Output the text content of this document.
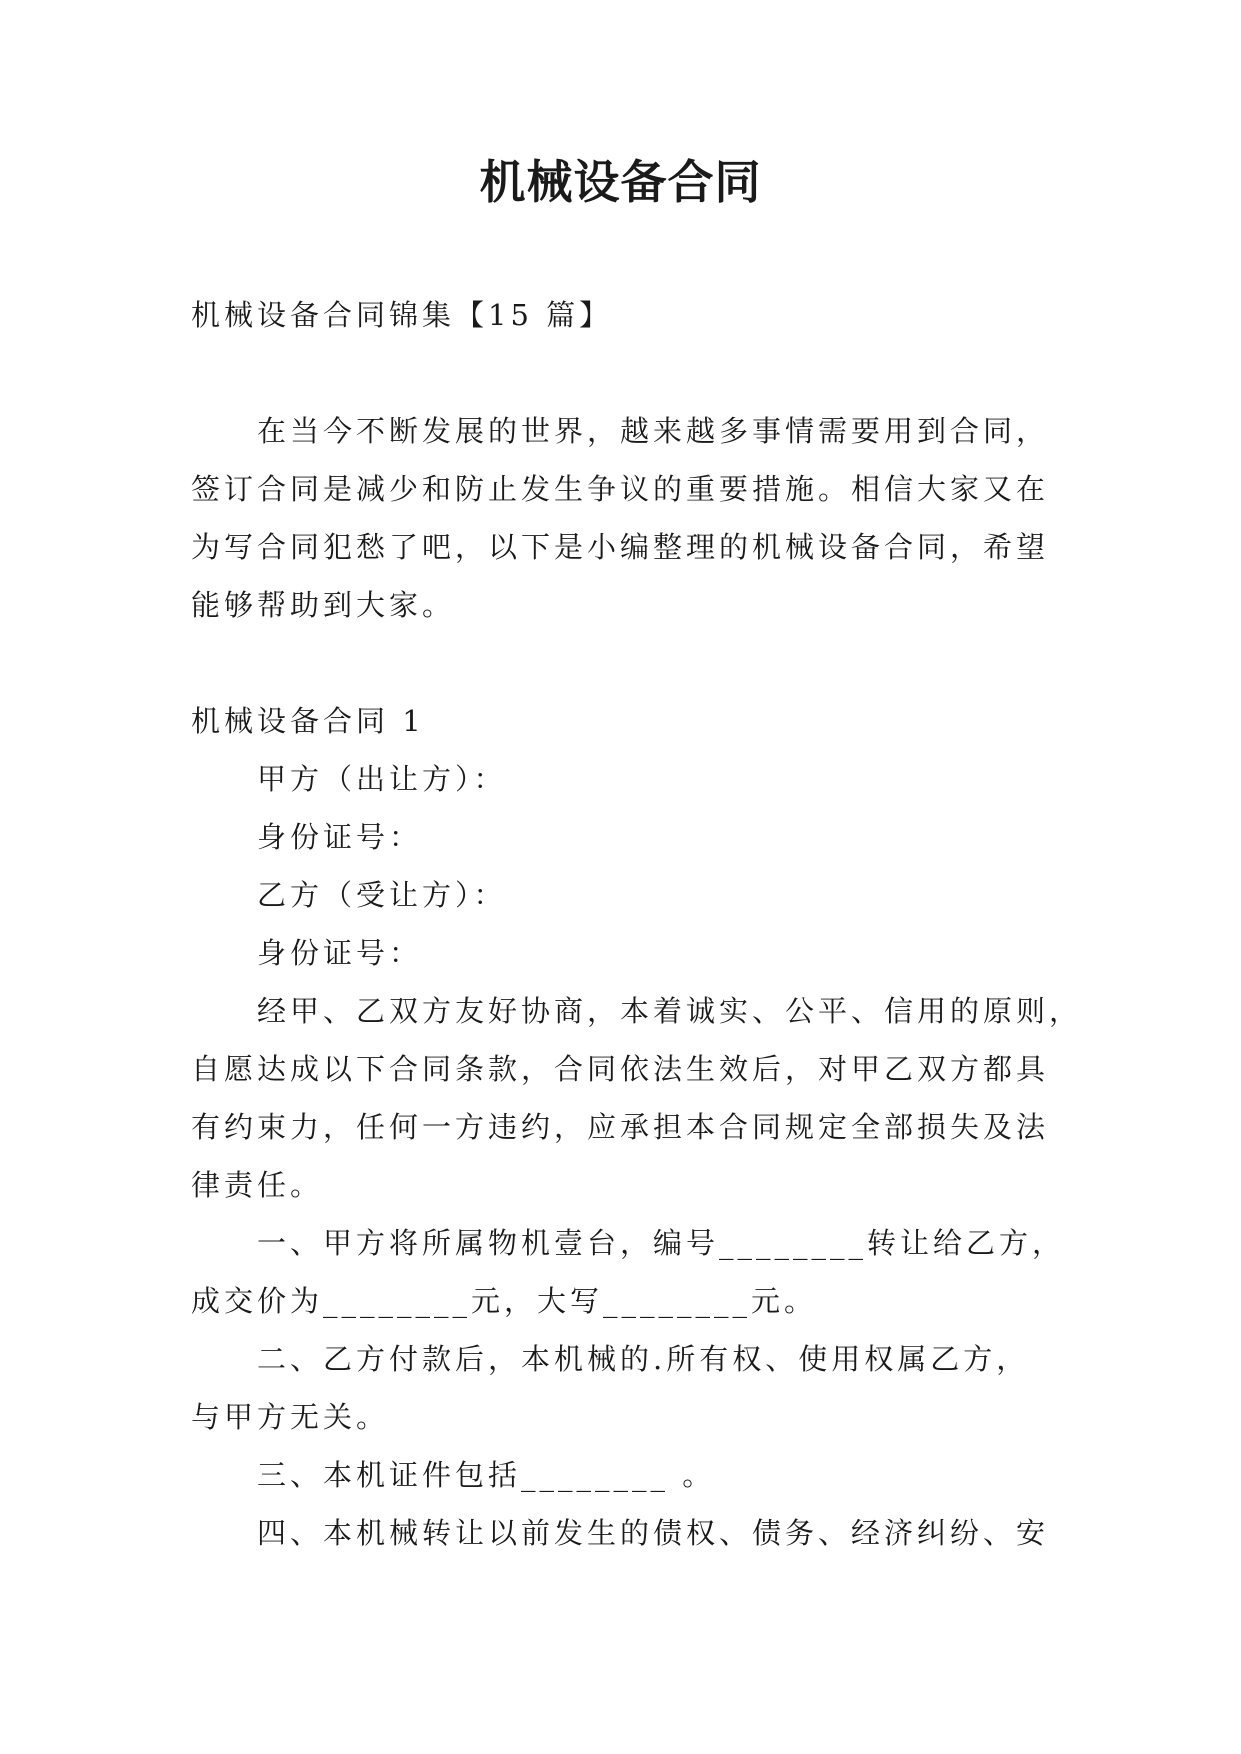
机械设备合同
机械设备合同锦集【15 篇】
在当今不断发展的世界，越来越多事情需要用到合同，
签订合同是减少和防止发生争议的重要措施。相信大家又在
为写合同犯愁了吧，以下是小编整理的机械设备合同，希望
能够帮助到大家。
机械设备合同 1
甲方（出让方）：
身份证号：
乙方（受让方）：
身份证号：
经甲、乙双方友好协商，本着诚实、公平、信用的原则，
自愿达成以下合同条款，合同依法生效后，对甲乙双方都具
有约束力，任何一方违约，应承担本合同规定全部损失及法
律责任。
一、甲方将所属物机壹台，编号________转让给乙方，
成交价为________元，大写________元。
二、乙方付款后，本机械的.所有权、使用权属乙方，
与甲方无关。
三、本机证件包括________ 。
四、本机械转让以前发生的债权、债务、经济纠纷、安
